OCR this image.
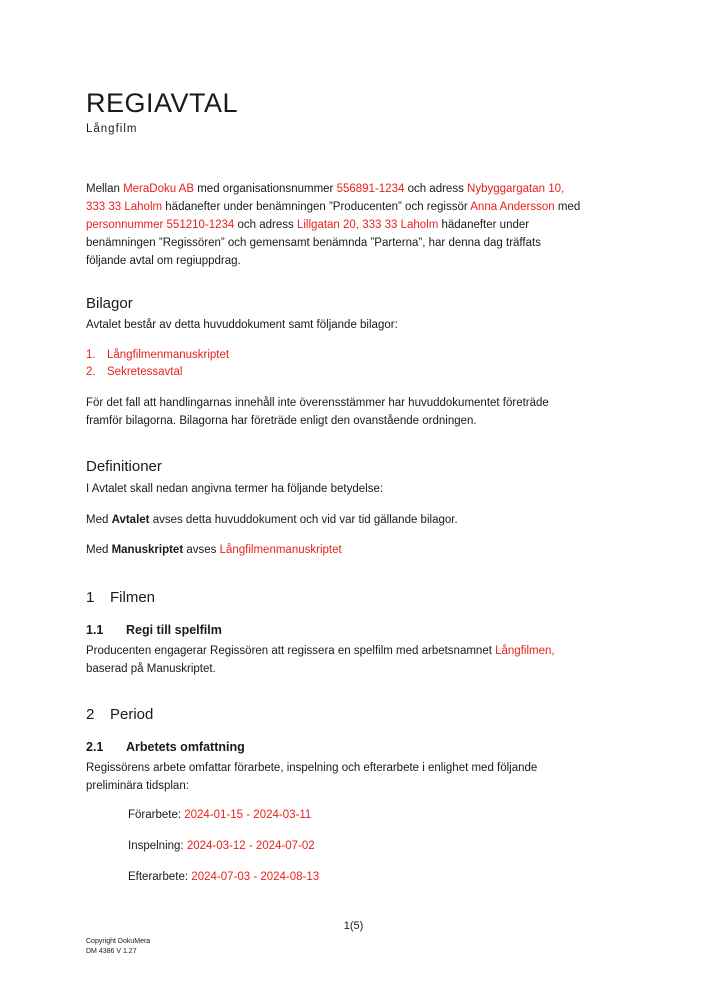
REGIAVTAL
Långfilm

Mellan MeraDoku AB med organisationsnummer 556891-1234 och adress Nybyggargatan 10,
333 33 Laholm hädanefter under benämningen ”Producenten” och regissör Anna Andersson med
personnummer 551210-1234 och adress Lillgatan 20, 333 33 Laholm hädanefter under
benämningen ”Regissören” och gemensamt benämnda ”Parterna”, har denna dag träffats
följande avtal om regiuppdrag.

Bilagor

Avtalet består av detta huvuddokument samt följande bilagor:

1. Långfilmenmanuskriptet
2. Sekretessavtal

För det fall att handlingarnas innehåll inte överensstämmer har huvuddokumentet företräde
framför bilagorna. Bilagorna har företräde enligt den ovanstående ordningen.

Definitioner

I Avtalet skall nedan angivna termer ha följande betydelse:

Med Avtalet avses detta huvuddokument och vid var tid gällande bilagor.

Med Manuskriptet avses Långfilmenmanuskriptet

1 Filmen
1.1 Regi till spelfilm

Producenten engagerar Regissören att regissera en spelfilm med arbetsnamnet Långfilmen,
baserad på Manuskriptet.

2 Period
2.1 Arbetets omfattning

Regissörens arbete omfattar förarbete, inspelning och efterarbete i enlighet med följande
preliminära tidsplan:

Förarbete: 2024-01-15 - 2024-03-11
Inspelning: 2024-03-12 - 2024-07-02
Efterarbete: 2024-07-03 - 2024-08-13
1(5)
Copyright DokuMera
DM 4386 V 1.27
